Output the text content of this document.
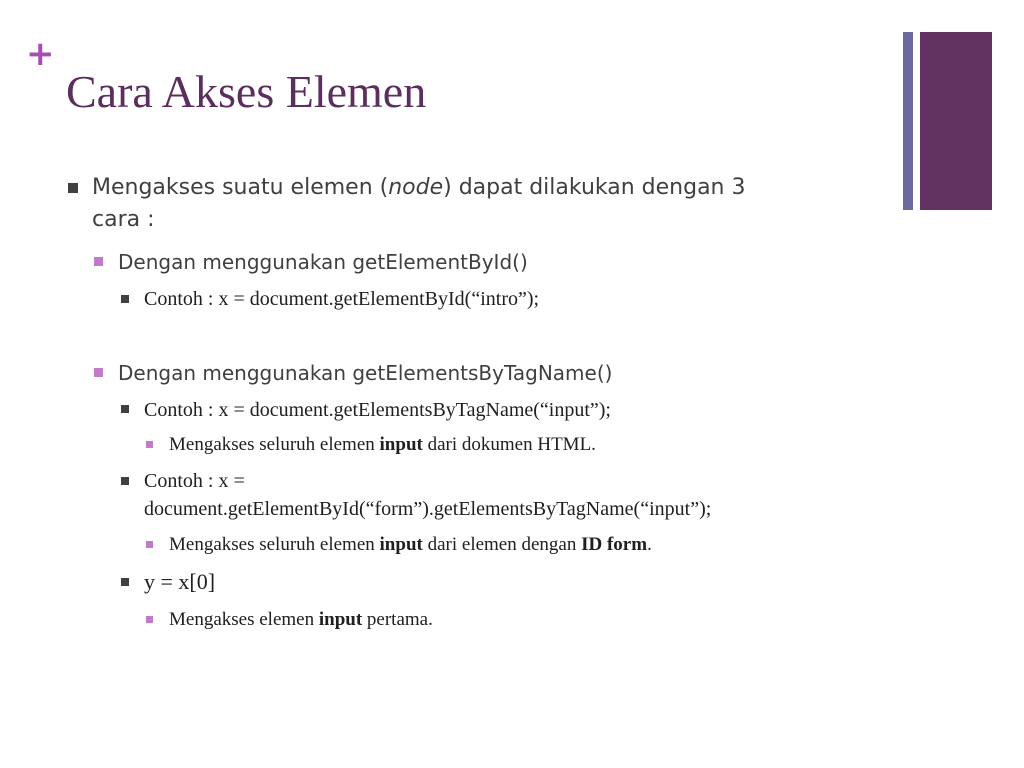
+
Cara Akses Elemen

Mengakses suatu elemen (node) dapat dilakukan dengan 3
cara :

Dengan menggunakan getElementById()

Contoh : x = document.getElementById(“intro”);

Dengan menggunakan getElementsByTagName()

Contoh : x = document.getElementsByTagName(“input”);

Mengakses seluruh elemen input dari dokumen HTML.

Contoh : x =
document.getElementById(“form”).getElementsByTagName(“input”);

Mengakses seluruh elemen input dari elemen dengan ID form.

y = x[0]

Mengakses elemen input pertama.
